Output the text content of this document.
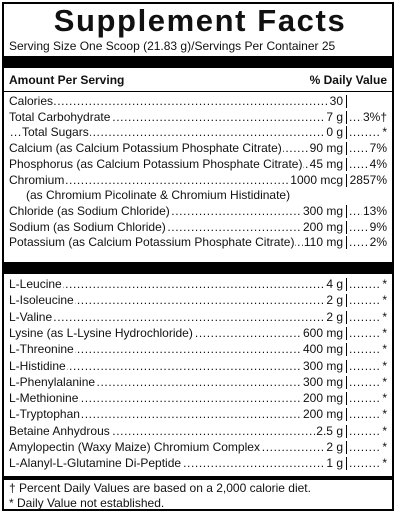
Supplement Facts
Serving Size One Scoop (21.83 g)/Servings Per Container 25
Amount Per Serving	% Daily Value
.....
Calories	30
.....
.....
Total Carbohydrate	7 g 3%†
.....
.....
Total Sugars	0 g	*
.....
.....
Calcium (as Calcium Potassium Phosphate Citrate) 90 mg 7%
.....
.....
Phosphorus (as Calcium Potassium Phosphate Citrate) 45 mg 4%
.....
.....
Chromium	1000 mcg 2857%
(as Chromium Picolinate & Chromium Histidinate)
.....
.....
Chloride (as Sodium Chloride)	300 mg 13%
.....
.....
Sodium (as Sodium Chloride)	200 mg 9%
.....
.....
Potassium (as Calcium Potassium Phosphate Citrate) 110 mg 2%
.....
.....
L-Leucine	4 g	*
.....
.....
L-Isoleucine	2 g	*
.....
.....
L-Valine	2 g	*
.....
.....
Lysine (as L-Lysine Hydrochloride)	600 mg	*
.....
.....
L-Threonine	400 mg	*
.....
.....
L-Histidine	300 mg	*
.....
.....
L-Phenylalanine	300 mg	*
.....
.....
L-Methionine	200 mg	*
.....
.....
L-Tryptophan	200 mg	*
.....
.....
Betaine Anhydrous	2.5 g	*
.....
.....
Amylopectin (Waxy Maize) Chromium Complex	2 g	*
.....
.....
L-Alanyl-L-Glutamine Di-Peptide	1 g	*
† Percent Daily Values are based on a 2,000 calorie diet.
* Daily Value not established.
